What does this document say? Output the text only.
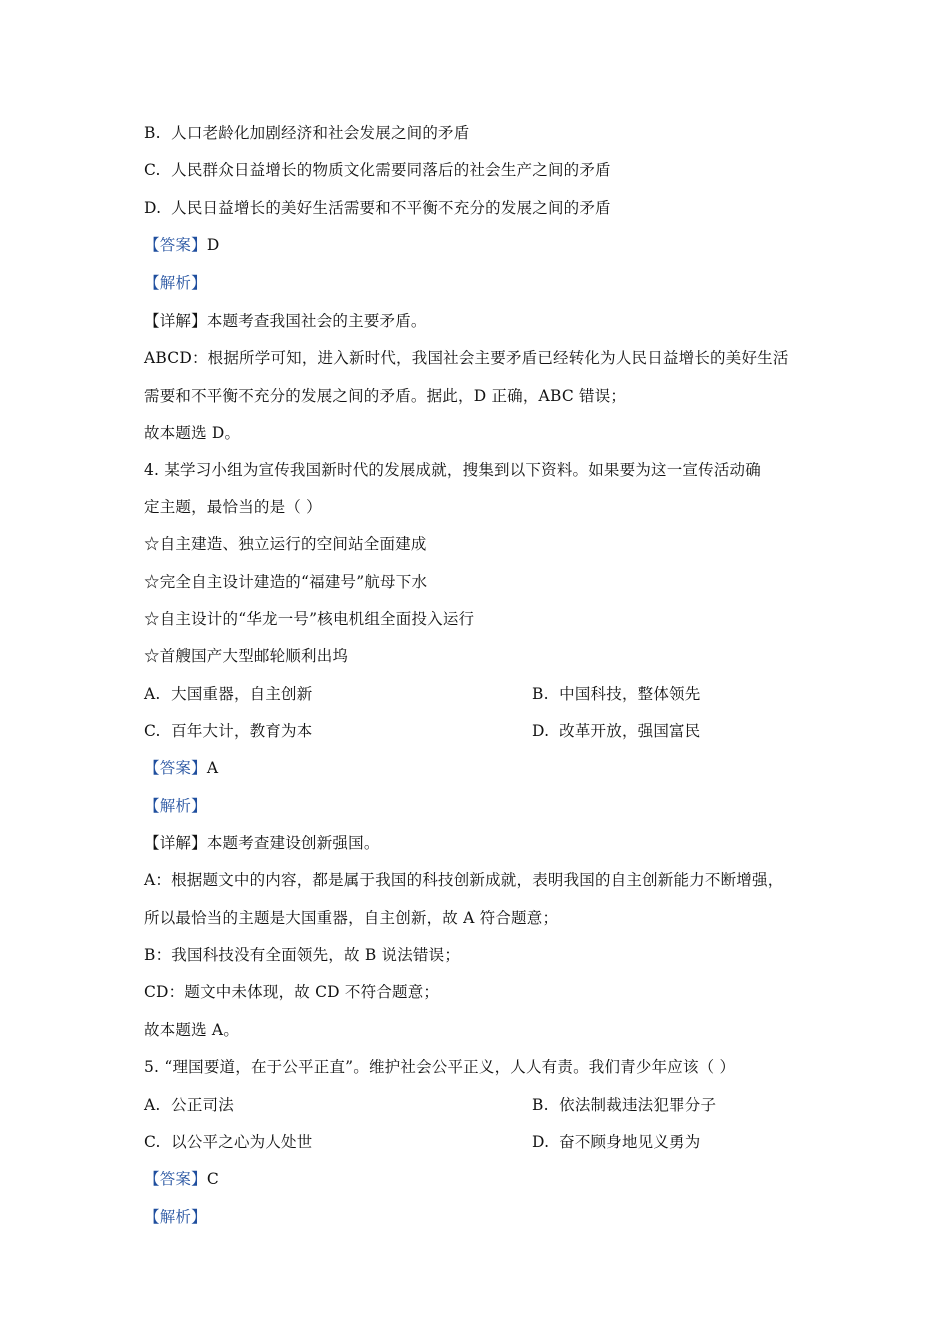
B. 人口老龄化加剧经济和社会发展之间的矛盾
C. 人民群众日益增长的物质文化需要同落后的社会生产之间的矛盾
D. 人民日益增长的美好生活需要和不平衡不充分的发展之间的矛盾
【答案】D
【解析】
【详解】本题考查我国社会的主要矛盾。
ABCD：根据所学可知，进入新时代，我国社会主要矛盾已经转化为人民日益增长的美好生活
需要和不平衡不充分的发展之间的矛盾。据此，D 正确，ABC 错误；
故本题选 D。
4. 某学习小组为宣传我国新时代的发展成就，搜集到以下资料。如果要为这一宣传活动确
定主题，最恰当的是（ ）
☆自主建造、独立运行的空间站全面建成
☆完全自主设计建造的“福建号”航母下水
☆自主设计的“华龙一号”核电机组全面投入运行
☆首艘国产大型邮轮顺利出坞
A. 大国重器，自主创新	B. 中国科技，整体领先
C. 百年大计，教育为本	D. 改革开放，强国富民
【答案】A
【解析】
【详解】本题考查建设创新强国。
A：根据题文中的内容，都是属于我国的科技创新成就，表明我国的自主创新能力不断增强，
所以最恰当的主题是大国重器，自主创新，故 A 符合题意；
B：我国科技没有全面领先，故 B 说法错误；
CD：题文中未体现，故 CD 不符合题意；
故本题选 A。
5. “理国要道，在于公平正直”。维护社会公平正义，人人有责。我们青少年应该（ ）
A. 公正司法	B. 依法制裁违法犯罪分子
C. 以公平之心为人处世	D. 奋不顾身地见义勇为
【答案】C
【解析】
